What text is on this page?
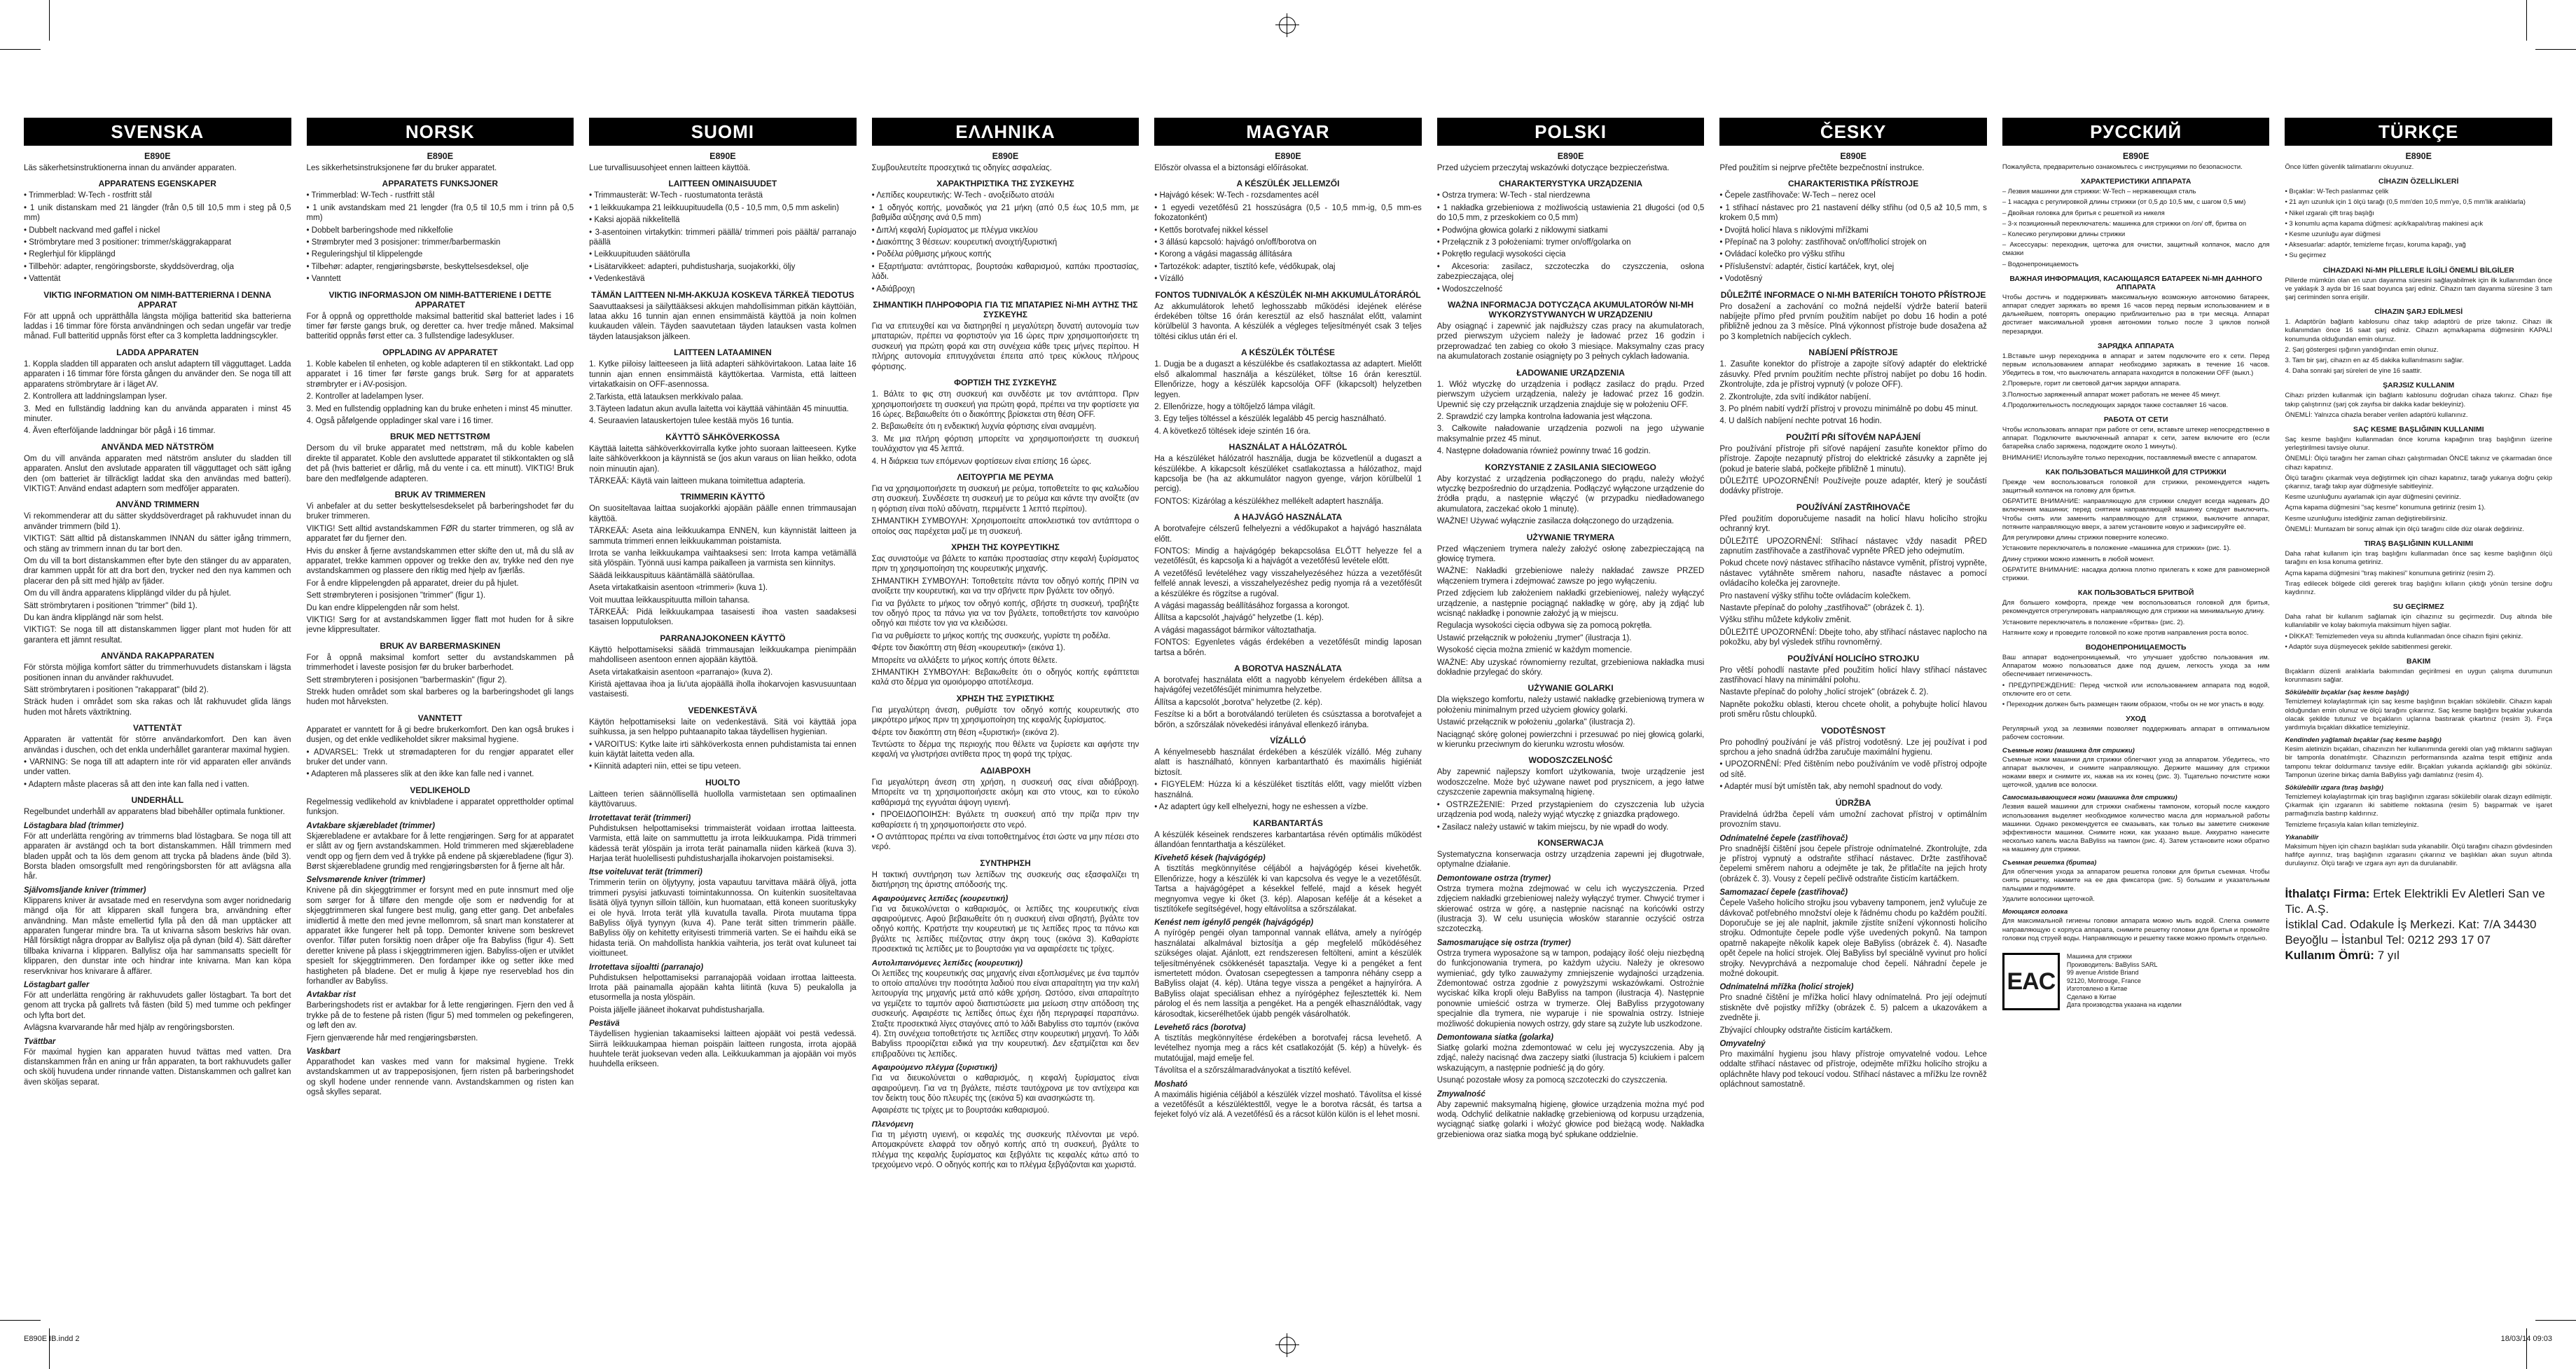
SVENSKA
E890E
Läs säkerhetsinstruktionerna innan du använder apparaten.
APPARATENS EGENSKAPER
• Trimmerblad: W-Tech - rostfritt stål
• 1 unik distanskam med 21 längder (från 0,5 till 10,5 mm i steg på 0,5 mm)
• Dubbelt nackvand med gaffel i nickel
• Strömbrytare med 3 positioner: trimmer/skäggrakapparat
• Reglerhjul för klipplängd
• Tillbehör: adapter, rengöringsborste, skyddsöverdrag, olja
• Vattentät
VIKTIG INFORMATION OM NIMH-BATTERIERNA I DENNA APPARAT
För att uppnå och upprätthålla längsta möjliga batteritid ska batterierna laddas i 16 timmar före första användningen och sedan ungefär var tredje månad. Full batteritid uppnås först efter ca 3 kompletta laddningscykler.
LADDA APPARATEN
1. Koppla sladden till apparaten och anslut adaptern till vägguttaget. Ladda apparaten i 16 timmar före första gången du använder den. Se noga till att apparatens strömbrytare är i läget AV.
2. Kontrollera att laddningslampan lyser.
3. Med en fullständig laddning kan du använda apparaten i minst 45 minuter.
4. Även efterföljande laddningar bör pågå i 16 timmar.
ANVÄNDA MED NÄTSTRÖM
Om du vill använda apparaten med nätström ansluter du sladden till apparaten. Anslut den avslutade apparaten till vägguttaget och sätt igång den (om batteriet är tillräckligt laddat ska den användas med batteri). VIKTIGT: Använd endast adaptern som medföljer apparaten.
ANVÄND TRIMMERN
Vi rekommenderar att du sätter skyddsöverdraget på rakhuvudet innan du använder trimmern (bild 1).
VIKTIGT: Sätt alltid på distanskammen INNAN du sätter igång trimmern, och stäng av trimmern innan du tar bort den.
Om du vill ta bort distanskammen efter byte den stänger du av apparaten, drar kammen uppåt för att dra bort den, trycker ned den nya kammen och placerar den på sitt med hjälp av fjäder.
Om du vill ändra apparatens klipplängd vilder du på hjulet.
Sätt strömbrytaren i positionen "trimmer" (bild 1).
Du kan ändra klipplängd när som helst.
VIKTIGT: Se noga till att distanskammen ligger plant mot huden för att garantera ett jämnt resultat.
ANVÄNDA RAKAPPARATEN
För största möjliga komfort sätter du trimmerhuvudets distanskam i lägsta positionen innan du använder rakhuvudet.
Sätt strömbrytaren i positionen "rakapparat" (bild 2).
Sträck huden i området som ska rakas och låt rakhuvudet glida längs huden mot hårets växtriktning.
VATTENTÄT
Apparaten är vattentät för större användarkomfort. Den kan även användas i duschen, och det enkla underhållet garanterar maximal hygien.
• VARNING: Se noga till att adaptern inte rör vid apparaten eller används under vatten.
• Adaptern måste placeras så att den inte kan falla ned i vatten.
UNDERHÅLL
Regelbundet underhåll av apparatens blad bibehåller optimala funktioner.
Löstagbara blad (trimmer)
För att underlätta rengöring av trimmerns blad löstagbara. Se noga till att apparaten är avstängd och ta bort distanskammen. Håll trimmern med bladen uppåt och ta lös dem genom att trycka på bladens ände (bild 3). Borsta bladen omsorgsfullt med rengöringsborsten för att avlägsna alla hår.
Självomsljande kniver (trimmer)
Klipparens kniver är avsatade med en reservdyna som avger noridnedarig mängd olja för att klipparen skall fungera bra, användning efter användning. Man måste emellertid fylla på den då man upptäcker att apparaten fungerar mindre bra. Ta ut knivarna såsom beskrivs här ovan. Håll försiktigt några droppar av Ballylisz olja på dynan (bild 4). Sätt därefter tillbaka knivarna i klipparen. Ballylisz olja har sammansatts speciellt för klipparen, den dunstar inte och hindrar inte knivarna. Man kan köpa reservknivar hos knivarare å affärer.
Löstagbart galler
För att underlätta rengöring är rakhuvudets galler löstagbart. Ta bort det genom att trycka på gallrets två fästen (bild 5) med tumme och pekfinger och lyfta bort det.
Avlägsna kvarvarande hår med hjälp av rengöringsborsten.
Tvättbar
För maximal hygien kan apparaten huvud tvättas med vatten. Dra distanskammen från en aning ur från apparaten, ta bort rakhuvudets galler och skölj huvudena under rinnande vatten. Distanskammen och gallret kan även sköljas separat.
NORSK
E890E
Les sikkerhetsinstruksjonene før du bruker apparatet.
APPARATETS FUNKSJONER
• Trimmerblad: W-Tech - rustfritt stål
• 1 unik avstandskam med 21 lengder (fra 0,5 til 10,5 mm i trinn på 0,5 mm)
• Dobbelt barberingshode med nikkelfolie
• Strømbryter med 3 posisjoner: trimmer/barbermaskin
• Reguleringshjul til klippelengde
• Tilbehør: adapter, rengjøringsbørste, beskyttelsesdeksel, olje
• Vanntett
VIKTIG INFORMASJON OM NIMH-BATTERIENE I DETTE APPARATET
For å oppnå og opprettholde maksimal batteritid skal batteriet lades i 16 timer før første gangs bruk, og deretter ca. hver tredje måned. Maksimal batteritid oppnås først etter ca. 3 fullstendige ladesykluser.
OPPLADING AV APPARATET
1. Koble kabelen til enheten, og koble adapteren til en stikkontakt. Lad opp apparatet i 16 timer før første gangs bruk. Sørg for at apparatets strømbryter er i AV-posisjon.
2. Kontroller at ladelampen lyser.
3. Med en fullstendig oppladning kan du bruke enheten i minst 45 minutter.
4. Også påfølgende oppladinger skal vare i 16 timer.
BRUK MED NETTSTRØM
Dersom du vil bruke apparatet med nettstrøm, må du koble kabelen direkte til apparatet. Koble den avsluttede apparatet til stikkontakten og slå det på (hvis batteriet er dårlig, må du vente i ca. ett minutt). VIKTIG! Bruk bare den medfølgende adapteren.
BRUK AV TRIMMEREN
Vi anbefaler at du setter beskyttelsesdekselet på barberingshodet før du bruker trimmeren.
VIKTIG! Sett alltid avstandskammen FØR du starter trimmeren, og slå av apparatet før du fjerner den.
Hvis du ønsker å fjerne avstandskammen etter skifte den ut, må du slå av apparatet, trekke kammen oppover og trekke den av, trykke ned den nye avstandskammen og plassere den riktig med hjelp av fjærlås.
For å endre klippelengden på apparatet, dreier du på hjulet.
Sett strømbryteren i posisjonen "trimmer" (figur 1).
Du kan endre klippelengden når som helst.
VIKTIG! Sørg for at avstandskammen ligger flatt mot huden for å sikre jevne klippresultater.
BRUK AV BARBERMASKINEN
For å oppnå maksimal komfort setter du avstandskammen på trimmerhodet i laveste posisjon før du bruker barberhodet.
Sett strømbryteren i posisjonen "barbermaskin" (figur 2).
Strekk huden området som skal barberes og la barberingshodet gli langs huden mot hårveksten.
VANNTETT
Apparatet er vanntett for å gi bedre brukerkomfort. Den kan også brukes i dusjen, og det enkle vedlikeholdet sikrer maksimal hygiene.
• ADVARSEL: Trekk ut strømadapteren for du rengjør apparatet eller bruker det under vann.
• Adapteren må plasseres slik at den ikke kan falle ned i vannet.
VEDLIKEHOLD
Regelmessig vedlikehold av knivbladene i apparatet opprettholder optimal funksjon.
Avtakbare skjærebladet (trimmer)
Skjærebladene er avtakbare for å lette rengjøringen. Sørg for at apparatet er slått av og fjern avstandskammen. Hold trimmeren med skjærebladene vendt opp og fjern dem ved å trykke på endene på skjærebladene (figur 3). Børst skjærebladene grundig med rengjøringsbørsten for å fjerne alt hår.
Selvsmørende kniver (trimmer)
Knivene på din skjeggtrimmer er forsynt med en pute innsmurt med olje som sørger for å tilføre den mengde olje som er nødvendig for at skjeggtrimmeren skal fungere best mulig, gang etter gang. Det anbefales imidlertid å mette den med jevne mellomrom, så snart man konstaterer at apparatet ikke fungerer helt på topp. Demonter knivene som beskrevet ovenfor. Tilfør puten forsiktig noen dråper olje fra Babyliss (figur 4). Sett deretter knivene på plass i skjeggtrimmeren igjen. Babyliss-oljen er utviklet spesielt for skjeggtrimmeren. Den fordamper ikke og setter ikke med hastigheten på bladene. Det er mulig å kjøpe nye reserveblad hos din forhandler av Babyliss.
Avtakbar rist
Barberingshodets rist er avtakbar for å lette rengjøringen. Fjern den ved å trykke på de to festene på risten (figur 5) med tommelen og pekefingeren, og løft den av.
Fjern gjenværende hår med rengjøringsbørsten.
Vaskbart
Apparathodet kan vaskes med vann for maksimal hygiene. Trekk avstandskammen ut av trappeposisjonen, fjern risten på barberingshodet og skyll hodene under rennende vann. Avstandskammen og risten kan også skylles separat.
SUOMI
E890E
Lue turvallisuusohjeet ennen laitteen käyttöä.
LAITTEEN OMINAISUUDET
• Trimmausterät: W-Tech - ruostumatonta terästä
• 1 leikkuukampa 21 leikkuupituudella (0,5 - 10,5 mm, 0,5 mm askelin)
• Kaksi ajopää nikkelitellä
• 3-asentoinen virtakytkin: trimmeri päällä/ trimmeri pois päältä/ parranajo päällä
• Leikkuupituuden säätörulla
• Lisätarvikkeet: adapteri, puhdistusharja, suojakorkki, öljy
• Vedenkestävä
TÄMÄN LAITTEEN NI-MH-AKKUJA KOSKEVA TÄRKEÄ TIEDOTUS
Saavuttaaksesi ja säilyttääksesi akkujen mahdollisimman pitkän käyttöiän, lataa akku 16 tunnin ajan ennen ensimmäistä käyttöä ja noin kolmen kuukauden välein. Täyden saavutetaan täyden latauksen vasta kolmen täyden latausjakson jälkeen.
LAITTEEN LATAAMINEN
1. Kytke piiloisy laitteeseen ja liitä adapteri sähkövirtakoon. Lataa laite 16 tunnin ajan ennen ensimmäistä käyttökertaa. Varmista, että laitteen virtakatkaisin on OFF-asennossa.
2.Tarkista, että latauksen merkkivalo palaa.
3.Täyteen ladatun akun avulla laitetta voi käyttää vähintään 45 minuuttia.
4. Seuraavien latauskertojen tulee kestää myös 16 tuntia.
KÄYTTÖ SÄHKÖVERKOSSA
Käyttää laitetta sähköverkkovirralla kytke johto suoraan laitteeseen. Kytke laite sähköverkkoon ja käynnistä se (jos akun varaus on liian heikko, odota noin minuutin ajan).
TÄRKEÄÄ: Käytä vain laitteen mukana toimitettua adapteria.
TRIMMERIN KÄYTTÖ
On suositeltavaa laittaa suojakorkki ajopään päälle ennen trimmausajan käyttöä.
TÄRKEÄÄ: Aseta aina leikkuukampa ENNEN, kun käynnistät laitteen ja sammuta trimmeri ennen leikkuukamman poistamista.
Irrota se vanha leikkuukampa vaihtaaksesi sen: Irrota kampa vetämällä sitä ylöspäin. Työnnä uusi kampa paikalleen ja varmista sen kiinnitys.
Säädä leikkauspituus kääntämällä säätörullaa.
Aseta virtakatkaisin asentoon «trimmeri» (kuva 1).
Voit muuttaa leikkauspituutta milloin tahansa.
TÄRKEÄÄ: Pidä leikkuukampaa tasaisesti ihoa vasten saadaksesi tasaisen lopputuloksen.
PARRANAJOKONEEN KÄYTTÖ
Käyttö helpottamiseksi säädä trimmausajan leikkuukampa pienimpään mahdolliseen asentoon ennen ajopään käyttöä.
Aseta virtakatkaisin asentoon «parranajo» (kuva 2).
Kiristä ajettavaa ihoa ja liu'uta ajopäällä iholla ihokarvojen kasvusuuntaan vastaisesti.
VEDENKESTÄVÄ
Käytön helpottamiseksi laite on vedenkestävä. Sitä voi käyttää jopa suihkussa, ja sen helppo puhtaanapito takaa täydellisen hygienian.
• VAROITUS: Kytke laite irti sähköverkosta ennen puhdistamista tai ennen kuin käytät laitetta veden alla.
• Kiinnitä adapteri niin, ettei se tipu veteen.
HUOLTO
Laitteen terien säännöllisellä huollolla varmistetaan sen optimaalinen käyttövaruus.
Irrotettavat terät (trimmeri)
Puhdistuksen helpottamiseksi trimmaisterät voidaan irrottaa laitteesta. Varmista, että laite on sammuttettu ja irrota leikkuukampa. Pidä trimmeri kädessä terät ylöspäin ja irrota terät painamalla niiden kärkeä (kuva 3). Harjaa terät huolellisesti puhdistusharjalla ihokarvojen poistamiseksi.
Itse voiteluvat terät (trimmeri)
Trimmerin teriin on öljytyyny, josta vapautuu tarvittava määrä öljyä, jotta trimmeri pysyisi jatkuvasti toimintakunnossa. On kuitenkin suositeltavaa lisätä öljyä tyynyn silloin tällöin, kun huomataan, että koneen suorituskyky ei ole hyvä. Irrota terät yllä kuvatulla tavalla. Pirota muutama tippa BaByliss öljyä tyynyyn (kuva 4). Pane terät sitten trimmerin päälle. BaByliss öljy on kehitetty erityisesti trimmeriä varten. Se ei haihdu eikä se hidasta teriä. On mahdollista hankkia vaihteria, jos terät ovat kuluneet tai vioittuneet.
Irrotettava sijoaltti (parranajo)
Puhdistuksen helpottamiseksi parranajopää voidaan irrottaa laitteesta. Irrota pää painamalla ajopään kahta liitintä (kuva 5) peukalolla ja etusormella ja nosta ylöspäin.
Poista jäljelle jääneet ihokarvat puhdistusharjalla.
Pestävä
Täydellisen hygienian takaamiseksi laitteen ajopäät voi pestä vedessä. Siirrä leikkuukampaa hieman poispäin laitteen rungosta, irrota ajopää huuhtele terät juoksevan veden alla. Leikkuukamman ja ajopään voi myös huuhdella erikseen.
ΕΛΛΗΝΙΚΑ
E890E
Συμβουλευτείτε προσεχτικά τις οδηγίες ασφαλείας.
ΧΑΡΑΚΤΗΡΙΣΤΙΚΑ ΤΗΣ ΣΥΣΚΕΥΗΣ
• Λεπίδες κουρευτικής: W-Tech - ανοξείδωτο ατσάλι
• 1 οδηγός κοπής, μοναδικός για 21 μήκη (από 0,5 έως 10,5 mm, με βαθμίδα αύξησης ανά 0,5 mm)
• Διπλή κεφαλή ξυρίσματος με πλέγμα νικελίου
• Διακόπτης 3 θέσεων: κουρευτική ανοιχτή/ξυριστική
• Ροδέλα ρύθμισης μήκους κοπής
• Εξαρτήματα: αντάπτορας, βουρτσάκι καθαρισμού, καπάκι προστασίας, λάδι.
• Αδιάβροχη
ΣΗΜΑΝΤΙΚΗ ΠΛΗΡΟΦΟΡΙΑ ΓΙΑ ΤΙΣ ΜΠΑΤΑΡΙΕΣ Ni-MH ΑΥΤΗΣ ΤΗΣ ΣΥΣΚΕΥΗΣ
Για να επιτευχθεί και να διατηρηθεί η μεγαλύτερη δυνατή αυτονομία των μπαταριών, πρέπει να φορτιστούν για 16 ώρες πριν χρησιμοποιήσετε τη συσκευή για πρώτη φορά και στη συνέχεια κάθε τρεις μήνες περίπου. Η πλήρης αυτονομία επιτυγχάνεται έπειτα από τρεις κύκλους πλήρους φόρτισης.
ΦΟΡΤΙΣΗ ΤΗΣ ΣΥΣΚΕΥΗΣ
1. Βάλτε το φις στη συσκευή και συνδέστε με τον αντάπτορα. Πριν χρησιμοποιήσετε τη συσκευή για πρώτη φορά, πρέπει να την φορτίσετε για 16 ώρες. Βεβαιωθείτε ότι ο διακόπτης βρίσκεται στη θέση OFF.
2. Βεβαιωθείτε ότι η ενδεικτική λυχνία φόρτισης είναι αναμμένη.
3. Με μια πλήρη φόρτιση μπορείτε να χρησιμοποιήσετε τη συσκευή τουλάχιστον για 45 λεπτά.
4. Η διάρκεια των επόμενων φορτίσεων είναι επίσης 16 ώρες.
ΛΕΙΤΟΥΡΓΙΑ ΜΕ ΡΕΥΜΑ
Για να χρησιμοποιήσετε τη συσκευή με ρεύμα, τοποθετείτε το φις καλωδίου στη συσκευή. Συνδέσετε τη συσκευή με το ρεύμα και κάντε την ανοίξτε (αν η φόρτιση είναι πολύ αδύνατη, περιμένετε 1 λεπτό περίπου).
ΣΗΜΑΝΤΙΚΗ ΣΥΜΒΟΥΛΗ: Χρησιμοποιείτε αποκλειστικά τον αντάπτορα ο οποίος σας παρέχεται μαζί με τη συσκευή.
ΧΡΗΣΗ ΤΗΣ ΚΟΥΡΕΥΤΙΚΗΣ
Σας συνιστούμε να βάλετε το καπάκι προστασίας στην κεφαλή ξυρίσματος πριν τη χρησιμοποίηση της κουρευτικής μηχανής.
ΣΗΜΑΝΤΙΚΗ ΣΥΜΒΟΥΛΗ: Τοποθετείτε πάντα τον οδηγό κοπής ΠΡΙΝ να ανοίξετε την κουρευτική, και να την σβήνετε πριν βγάλετε τον οδηγό.
Για να βγάλετε το μήκος τον οδηγό κοπής, σβήστε τη συσκευή, τραβήξτε τον οδηγό προς τα πάνω για να τον βγάλετε, τοποθετήστε τον καινούριο οδηγό και πιέστε τον για να κλειδώσει.
Για να ρυθμίσετε το μήκος κοπής της συσκευής, γυρίστε τη ροδέλα.
Φέρτε τον διακόπτη στη θέση «κουρευτική» (εικόνα 1).
Μπορείτε να αλλάξετε το μήκος κοπής όποτε θέλετε.
ΣΗΜΑΝΤΙΚΗ ΣΥΜΒΟΥΛΗ: Βεβαιωθείτε ότι ο οδηγός κοπής εφάπτεται καλά στο δέρμα για ομοιόμορφο αποτέλεσμα.
ΧΡΗΣΗ ΤΗΣ ΞΥΡΙΣΤΙΚΗΣ
Για μεγαλύτερη άνεση, ρυθμίστε τον οδηγό κοπής κουρευτικής στο μικρότερο μήκος πριν τη χρησιμοποίηση της κεφαλής ξυρίσματος.
Φέρτε τον διακόπτη στη θέση «ξυριστική» (εικόνα 2).
Τεντώστε το δέρμα της περιοχής που θέλετε να ξυρίσετε και αφήστε την κεφαλή να γλιστρήσει αντίθετα προς τη φορά της τρίχας.
ΑΔΙΑΒΡΟΧΗ
Για μεγαλύτερη άνεση στη χρήση, η συσκευή σας είναι αδιάβροχη. Μπορείτε να τη χρησιμοποιήσετε ακόμη και στο ντους, και το εύκολο καθάρισμά της εγγυάται άψογη υγιεινή.
• ΠΡΟΕΙΔΟΠΟΙΗΣΗ: Βγάλετε τη συσκευή από την πρίζα πριν την καθαρίσετε ή τη χρησιμοποιήσετε στο νερό.
• Ο αντάπτορας πρέπει να είναι τοποθετημένος έτσι ώστε να μην πέσει στο νερό.
ΣΥΝΤΗΡΗΣΗ
Η τακτική συντήρηση των λεπίδων της συσκευής σας εξασφαλίζει τη διατήρηση της άριστης απόδοσής της.
Αφαιρούμενες λεπίδες (κουρευτική)
Για να διευκολύνεται ο καθαρισμός, οι λεπίδες της κουρευτικής είναι αφαιρούμενες. Αφού βεβαιωθείτε ότι η συσκευή είναι σβηστή, βγάλτε τον οδηγό κοπής. Κρατήστε την κουρευτική με τις λεπίδες προς τα πάνω και βγάλτε τις λεπίδες πιέζοντας στην άκρη τους (εικόνα 3). Καθαρίστε προσεκτικά τις λεπίδες με το βουρτσάκι για να αφαιρέσετε τις τρίχες.
Αυτολιπαινόμενες λεπίδες (κουρευτική)
Οι λεπίδες της κουρευτικής σας μηχανής είναι εξοπλισμένες με ένα ταμπόν το οποίο απαλύνει την ποσότητα λαδιού που είναι απαραίτητη για την καλή λειτουργία της μηχανής μετά από κάθε χρήση. Ωστόσο, είναι απαραίτητο να γεμίζετε το ταμπόν αφού διαπιστώσετε μια μείωση στην απόδοση της συσκευής. Αφαιρέστε τις λεπίδες όπως έχει ήδη περιγραφεί παραπάνω. Σταξτε προσεκτικά λίγες σταγόνες από το λάδι Babyliss στο ταμπόν (εικόνα 4). Στη συνέχεια τοποθετήστε τις λεπίδες στην κουρευτική μηχανή. Το λάδι Babyliss προορίζεται ειδικά για την κουρευτική. Δεν εξατμίζεται και δεν επιβραδύνει τις λεπίδες.
Αφαιρούμενο πλέγμα (ξυριστική)
Για να διευκολύνεται ο καθαρισμός, η κεφαλή ξυρίσματος είναι αφαιρούμενη. Για να τη βγάλετε, πιέστε ταυτόχρονα με τον αντίχειρα και τον δείκτη τους δύο πλευρές της (εικόνα 5) και ανασηκώστε τη.
Αφαιρέστε τις τρίχες με το βουρτσάκι καθαρισμού.
Πλενόμενη
Για τη μέγιστη υγιεινή, οι κεφαλές της συσκευής πλένονται με νερό. Απομακρύνετε ελαφρά τον οδηγό κοπής από τη συσκευή, βγάλτε το πλέγμα της κεφαλής ξυρίσματος και ξεβγάλτε τις κεφαλές κάτω από το τρεχούμενο νερό. Ο οδηγός κοπής και το πλέγμα ξεβγάζονται και χωριστά.
MAGYAR
E890E
Először olvassa el a biztonsági előírásokat.
A KÉSZÜLÉK JELLEMZŐI
• Hajvágó kések: W-Tech - rozsdamentes acél
• 1 egyedi vezetőfésű 21 hosszúságra (0,5 - 10,5 mm-ig, 0,5 mm-es fokozatonként)
• Kettős borotvafej nikkel késsel
• 3 állású kapcsoló: hajvágó on/off/borotva on
• Korong a vágási magasság állítására
• Tartozékok: adapter, tisztító kefe, védőkupak, olaj
• Vízálló
FONTOS TUDNIVALÓK A KÉSZÜLÉK NI-MH AKKUMULÁTORÁRÓL
Az akkumulátorok lehető leghosszabb működési idejének elérése érdekében töltse 16 órán keresztül az első használat előtt, valamint körülbelül 3 havonta. A készülék a végleges teljesítményét csak 3 teljes töltési ciklus után éri el.
A KÉSZÜLÉK TÖLTÉSE
1. Dugja be a dugaszt a készülékbe és csatlakoztassa az adaptert. Mielőtt első alkalommal használja a készüléket, töltse 16 órán keresztül. Ellenőrizze, hogy a készülék kapcsolója OFF (kikapcsolt) helyzetben legyen.
2. Ellenőrizze, hogy a töltőjelző lámpa világít.
3. Egy teljes töltéssel a készülék legalább 45 percig használható.
4. A következő töltések ideje szintén 16 óra.
HASZNÁLAT A HÁLÓZATRÓL
Ha a készüléket hálózatról használja, dugja be közvetlenül a dugaszt a készülékbe. A kikapcsolt készüléket csatlakoztassa a hálózathoz, majd kapcsolja be (ha az akkumulátor nagyon gyenge, várjon körülbelül 1 percig).
FONTOS: Kizárólag a készülékhez mellékelt adaptert használja.
A HAJVÁGÓ HASZNÁLATA
A borotvafejre célszerű felhelyezni a védőkupakot a hajvágó használata előtt.
FONTOS: Mindig a hajvágógép bekapcsolása ELŐTT helyezze fel a vezetőfésűt, és kapcsolja ki a hajvágót a vezetőfésű levétele előtt.
A vezetőfésű levételéhez vagy visszahelyezéséhez húzza a vezetőfésűt felfelé annak leveszi, a visszahelyezéshez pedig nyomja rá a vezetőfésűt a készülékre és rögzítse a rugóval.
A vágási magasság beállításához forgassa a korongot.
Állítsa a kapcsolót „hajvágó" helyzetbe (1. kép).
A vágási magasságot bármikor változtathatja.
FONTOS: Egyenletes vágás érdekében a vezetőfésűt mindig laposan tartsa a bőrén.
A BOROTVA HASZNÁLATA
A borotvafej használata előtt a nagyobb kényelem érdekében állítsa a hajvágófej vezetőfésűjét minimumra helyzetbe.
Állítsa a kapcsolót „borotva" helyzetbe (2. kép).
Feszítse ki a bőrt a borotválandó területen és csúsztassa a borotvafejet a bőrön, a szőrszálak növekedési irányával ellenkező irányba.
VÍZÁLLÓ
A kényelmesebb használat érdekében a készülék vízálló. Még zuhany alatt is használható, könnyen karbantartható és maximális higiéniát biztosít.
• FIGYELEM: Húzza ki a készüléket tisztítás előtt, vagy mielőtt vízben használná.
• Az adaptert úgy kell elhelyezni, hogy ne eshessen a vízbe.
KARBANTARTÁS
A készülék késeinek rendszeres karbantartása révén optimális működést állandóan fenntarthatja a készüléket.
Kivehető kések (hajvágógép)
A tisztítás megkönnyítése céljából a hajvágógép kései kivehetők. Ellenőrizze, hogy a készülék ki van kapcsolva és vegye le a vezetőfésűt. Tartsa a hajvágógépet a késekkel felfelé, majd a kések hegyét megnyomva vegye ki őket (3. kép). Alaposan kefélje át a késeket a tisztítókefe segítségével, hogy eltávolítsa a szőrszálakat.
Kenést nem igénylő pengék (hajvágógép)
A nyírógép pengéi olyan tamponnal vannak ellátva, amely a nyírógép használatai alkalmával biztosítja a gép megfelelő működéséhez szükséges olajat. Ajánlott, ezt rendszeresen feltölteni, amint a készülék teljesítményének csökkenését tapasztalja. Vegye ki a pengéket a fent ismertetett módon. Óvatosan csepegtessen a tamponra néhány csepp a BaByliss olajat (4. kép). Utána tegye vissza a pengéket a hajnyíróra. A BaByliss olajat speciálisan ehhez a nyírógéphez fejlesztették ki. Nem párolog el és nem lassítja a pengéket. Ha a pengék elhasználódtak, vagy károsodtak, kicserélhetőek újabb pengék vásárolhatók.
Levehető rács (borotva)
A tisztítás megkönnyítése érdekében a borotvafej rácsa levehető. A levételhez nyomja meg a rács két csatlakozóját (5. kép) a hüvelyk- és mutatóujjal, majd emelje fel.
Távolítsa el a szőrszálmaradványokat a tisztító kefével.
Mosható
A maximális higiénia céljából a készülék vízzel mosható. Távolítsa el kissé a vezetőfésűt a készüléktesttől, vegye le a borotva rácsát, és tartsa a fejeket folyó víz alá. A vezetőfésű és a rácsot külön külön is el lehet mosni.
POLSKI
E890E
Przed użyciem przeczytaj wskazówki dotyczące bezpieczeństwa.
CHARAKTERYSTYKA URZĄDZENIA
• Ostrza trymera: W-Tech - stal nierdzewna
• 1 nakładka grzebieniowa z możliwością ustawienia 21 długości (od 0,5 do 10,5 mm, z przeskokiem co 0,5 mm)
• Podwójna głowica golarki z niklowymi siatkami
• Przełącznik z 3 położeniami: trymer on/off/golarka on
• Pokrętło regulacji wysokości cięcia
• Akcesoria: zasilacz, szczoteczka do czyszczenia, osłona zabezpieczająca, olej
• Wodoszczelność
WAŻNA INFORMACJA DOTYCZĄCA AKUMULATORÓW NI-MH WYKORZYSTYWANYCH W URZĄDZENIU
Aby osiągnąć i zapewnić jak najdłuższy czas pracy na akumulatorach, przed pierwszym użyciem należy je ładować przez 16 godzin i przeprowadzać ten zabieg co około 3 miesiące. Maksymalny czas pracy na akumulatorach zostanie osiągnięty po 3 pełnych cyklach ładowania.
ŁADOWANIE URZĄDZENIA
1. Włóż wtyczkę do urządzenia i podłącz zasilacz do prądu. Przed pierwszym użyciem urządzenia, należy je ładować przez 16 godzin. Upewnić się czy przełącznik urządzenia znajduje się w położeniu OFF.
2. Sprawdzić czy lampka kontrolna ładowania jest włączona.
3. Całkowite naładowanie urządzenia pozwoli na jego używanie maksymalnie przez 45 minut.
4. Następne doładowania również powinny trwać 16 godzin.
KORZYSTANIE Z ZASILANIA SIECIOWEGO
Aby korzystać z urządzenia podłączonego do prądu, należy włożyć wtyczkę bezpośrednio do urządzenia. Podłączyć wyłączone urządzenie do źródła prądu, a następnie włączyć (w przypadku niedładowanego akumulatora, zaczekać około 1 minutę).
WAŻNE! Używać wyłącznie zasilacza dołączonego do urządzenia.
UŻYWANIE TRYMERA
Przed włączeniem trymera należy założyć osłonę zabezpieczającą na głowicę trymera.
WAŻNE: Nakładki grzebieniowe należy nakładać zawsze PRZED włączeniem trymera i zdejmować zawsze po jego wyłączeniu.
Przed zdjęciem lub założeniem nakładki grzebieniowej, należy wyłączyć urządzenie, a następnie pociągnąć nakładkę w górę, aby ją zdjąć lub wcisnąć nakładkę i ponownie założyć ją w miejscu.
Regulacja wysokości cięcia odbywa się za pomocą pokrętła.
Ustawić przełącznik w położeniu „trymer" (ilustracja 1).
Wysokość cięcia można zmienić w każdym momencie.
WAŻNE: Aby uzyskać równomierny rezultat, grzebieniowa nakładka musi dokładnie przylegać do skóry.
UŻYWANIE GOLARKI
Dla większego komfortu, należy ustawić nakładkę grzebieniową trymera w położeniu minimalnym przed użyciem głowicy golarki.
Ustawić przełącznik w położeniu „golarka" (ilustracja 2).
Naciągnąć skórę golonej powierzchni i przesuwać po niej głowicą golarki, w kierunku przeciwnym do kierunku wzrostu włosów.
WODOSZCZELNOŚĆ
Aby zapewnić najlepszy komfort użytkowania, twoje urządzenie jest wodoszczelne. Może być używane nawet pod prysznicem, a jego łatwe czyszczenie zapewnia maksymalną higienę.
• OSTRZEŻENIE: Przed przystąpieniem do czyszczenia lub użycia urządzenia pod wodą, należy wyjąć wtyczkę z gniazdka prądowego.
• Zasilacz należy ustawić w takim miejscu, by nie wpadł do wody.
KONSERWACJA
Systematyczna konserwacja ostrzy urządzenia zapewni jej długotrwałe, optymalne działanie.
Demontowane ostrza (trymer)
Ostrza trymera można zdejmować w celu ich wyczyszczenia. Przed zdjęciem nakładki grzebieniowej należy wyłączyć trymer. Chwycić trymer i skierować ostrza w górę, a następnie nacisnąć na końcówki ostrzy (ilustracja 3). W celu usunięcia włosków starannie oczyścić ostrza szczoteczką.
Samosmarujące się ostrza (trymer)
Ostrza trymera wyposażone są w tampon, podający ilość oleju niezbędną do funkcjonowania trymera, po każdym użyciu. Należy je okresowo wymieniać, gdy tylko zauważymy zmniejszenie wydajności urządzenia. Zdemontować ostrza zgodnie z powyższymi wskazówkami. Ostrożnie wyciskać kilka kropli oleju BaByliss na tampon (ilustracja 4). Następnie ponownie umieścić ostrza w trymerze. Olej BaByliss przygotowany specjalnie dla trymera, nie wyparuje i nie spowalnia ostrzy. Istnieje możliwość dokupienia nowych ostrzy, gdy stare są zużyte lub uszkodzone.
Demontowana siatka (golarka)
Siatkę golarki można zdemontować w celu jej wyczyszczenia. Aby ją zdjąć, należy nacisnąć dwa zaczepy siatki (ilustracja 5) kciukiem i palcem wskazującym, a następnie podnieść ją do góry.
Usunąć pozostałe włosy za pomocą szczoteczki do czyszczenia.
Zmywalność
Aby zapewnić maksymalną higienę, głowice urządzenia można myć pod wodą. Odchylić delikatnie nakładkę grzebieniową od korpusu urządzenia, wyciągnąć siatkę golarki i włożyć głowice pod bieżącą wodę. Nakładka grzebieniowa oraz siatka mogą być spłukane oddzielnie.
ČESKY
E890E
Před použitím si nejprve přečtěte bezpečnostní instrukce.
CHARAKTERISTIKA PŘÍSTROJE
• Čepele zastřihovače: W-Tech – nerez ocel
• 1 střihací nástavec pro 21 nastavení délky střihu (od 0,5 až 10,5 mm, s krokem 0,5 mm)
• Dvojitá holicí hlava s niklovými mřížkami
• Přepínač na 3 polohy: zastřihovač on/off/holicí strojek on
• Ovládací kolečko pro výšku střihu
• Příslušenství: adaptér, čisticí kartáček, kryt, olej
• Vodotěsný
DŮLEŽITÉ INFORMACE O NI-MH BATERIÍCH TOHOTO PŘÍSTROJE
Pro dosažení a zachování co možná nejdelší výdrže baterií baterii nabíjejte přímo před prvním použitím nabíjet po dobu 16 hodin a poté přibližně jednou za 3 měsíce. Plná výkonnost přístroje bude dosažena až po 3 kompletních nabíjecích cyklech.
NABÍJENÍ PŘÍSTROJE
1. Zasuňte konektor do přístroje a zapojte síťový adaptér do elektrické zásuvky. Před prvním použitím nechte přístroj nabíjet po dobu 16 hodin. Zkontrolujte, zda je přístroj vypnutý (v poloze OFF).
2. Zkontrolujte, zda svítí indikátor nabíjení.
3. Po plném nabití vydrží přístroj v provozu minimálně po dobu 45 minut.
4. U dalších nabíjení nechte potrvat 16 hodin.
POUŽITÍ PŘI SÍŤOVÉM NAPÁJENÍ
Pro používání přístroje při síťové napájení zasuňte konektor přímo do přístroje. Zapojte nezapnutý přístroj do elektrické zásuvky a zapněte jej (pokud je baterie slabá, počkejte přibližně 1 minutu).
DŮLEŽITÉ UPOZORNĚNÍ! Používejte pouze adaptér, který je součástí dodávky přístroje.
POUŽÍVÁNÍ ZASTŘIHOVAČE
Před použitím doporučujeme nasadit na holicí hlavu holicího strojku ochranný kryt.
DŮLEŽITÉ UPOZORNĚNÍ: Střihací nástavec vždy nasadit PŘED zapnutím zastřihovače a zastřihovač vypněte PŘED jeho odejmutím.
Pokud chcete nový nástavec střihacího nástavce vyměnit, přístroj vypněte, nástavec vytáhněte směrem nahoru, nasaďte nástavec a pomocí ovládacího kolečka jej zarovnejte.
Pro nastavení výšky střihu točte ovládacím kolečkem.
Nastavte přepínač do polohy „zastřihovač" (obrázek č. 1).
Výšku střihu můžete kdykoliv změnit.
DŮLEŽITÉ UPOZORNĚNÍ: Dbejte toho, aby střihací nástavec naplocho na pokožku, aby byl výsledek střihu rovnoměrný.
POUŽÍVÁNÍ HOLICÍHO STROJKU
Pro větší pohodlí nastavte před použitím holicí hlavy střihací nástavec zastřihovací hlavy na minimální polohu.
Nastavte přepínač do polohy „holicí strojek" (obrázek č. 2).
Napněte pokožku oblasti, kterou chcete oholit, a pohybujte holicí hlavou proti směru růstu chloupků.
VODOTĚSNOST
Pro pohodlný používání je váš přístroj vodotěsný. Lze jej používat i pod sprchou a jeho snadná údržba zaručuje maximální hygienu.
• UPOZORNĚNÍ: Před čištěním nebo používáním ve vodě přístroj odpojte od sítě.
• Adaptér musí být umístěn tak, aby nemohl spadnout do vody.
ÚDRŽBA
Pravidelná údržba čepelí vám umožní zachovat přístroj v optimálním provozním stavu.
Odnímatelné čepele (zastřihovač)
Pro snadnější čištění jsou čepele přístroje odnímatelné. Zkontrolujte, zda je přístroj vypnutý a odstraňte střihací nástavec. Držte zastřihovač čepelemi směrem nahoru a odejměte je tak, že přitlačíte na jejich hroty (obrázek č. 3). Vousy z čepelí pečlivě odstraňte čisticím kartáčkem.
Samomazací čepele (zastřihovač)
Čepele Vašeho holicího strojku jsou vybaveny tamponem, jenž vylučuje ze dávkovač potřebného množství oleje k řádnému chodu po každém použití. Doporučuje se jej ale naplnit, jakmile zjistíte snížení výkonnosti holicího strojku. Odmontujte čepele podle výše uvedených pokynů. Na tampon opatrně nakapejte několik kapek oleje BaByliss (obrázek č. 4). Nasaďte opět čepele na holicí strojek. Olej BaByliss byl speciálně vyvinut pro holicí strojky. Nevyprchává a nezpomaluje chod čepelí. Náhradní čepele je možné dokoupit.
Odnímatelná mřížka (holicí strojek)
Pro snadné čištění je mřížka holicí hlavy odnímatelná. Pro její odejmutí stiskněte dvě pojistky mřížky (obrázek č. 5) palcem a ukazovákem a zvedněte ji.
Zbývající chloupky odstraňte čisticím kartáčkem.
Omyvatelný
Pro maximální hygienu jsou hlavy přístroje omyvatelné vodou. Lehce oddalte střihací nástavec od přístroje, odejměte mřížku holicího strojku a opláchněte hlavy pod tekoucí vodou. Střihací nástavec a mřížku lze rovněž opláchnout samostatně.
РУССКИЙ
E890E
Пожалуйста, предварительно ознакомьтесь с инструкциями по безопасности.
ХАРАКТЕРИСТИКИ АППАРАТА
– Лезвия машинки для стрижки: W-Tech – нержавеющая сталь
– 1 насадка с регулировкой длины стрижки (от 0,5 до 10,5 мм, с шагом 0,5 мм)
– Двойная головка для бритья с решеткой из никеля
– 3-х позиционный переключатель: машинка для стрижки on /on/ off, бритва on
– Колесико регулировки длины стрижки
– Аксессуары: переходник, щеточка для очистки, защитный колпачок, масло для смазки
– Водонепроницаемость
ВАЖНАЯ ИНФОРМАЦИЯ, КАСАЮЩАЯСЯ БАТАРЕЕК Ni-MH ДАННОГО АППАРАТА
Чтобы достичь и поддерживать максимальную возможную автономию батареек, аппарат следует заряжать во время 16 часов перед первым использованием и в дальнейшем, повторять операцию приблизительно раз в три месяца. Аппарат достигает максимальной уровня автономии только после 3 циклов полной перезарядки.
ЗАРЯДКА АППАРАТА
1.Вставьте шнур переходника в аппарат и затем подключите его к сети. Перед первым использованием аппарат необходимо заряжать в течение 16 часов. Убедитесь в том, что выключатель аппарата находится в положении OFF (выкл.)
2.Проверьте, горит ли световой датчик зарядки аппарата.
3.Полностью заряженный аппарат может работать не менее 45 минут.
4.Продолжительность последующих зарядок также составляет 16 часов.
РАБОТА ОТ СЕТИ
Чтобы использовать аппарат при работе от сети, вставьте штекер непосредственно в аппарат. Подключите выключенный аппарат к сети, затем включите его (если батарейка слабо заряжена, подождите около 1 минуты).
ВНИМАНИЕ! Используйте только переходник, поставляемый вместе с аппаратом.
КАК ПОЛЬЗОВАТЬСЯ МАШИНКОЙ ДЛЯ СТРИЖКИ
Прежде чем воспользоваться головкой для стрижки, рекомендуется надеть защитный колпачок на головку для бритья.
ОБРАТИТЕ ВНИМАНИЕ: направляющую для стрижки следует всегда надевать ДО включения машинки; перед снятием направляющей машинку следует выключить. Чтобы снять или заменить направляющую для стрижки, выключите аппарат, потяните направляющую вверх, а затем установите новую и зафиксируйте её.
Для регулировки длины стрижки поверните колесико.
Установите переключатель в положение «машинка для стрижки» (рис. 1).
Длину стрижки можно изменить в любой момент.
ОБРАТИТЕ ВНИМАНИЕ: насадка должна плотно прилегать к коже для равномерной стрижки.
КАК ПОЛЬЗОВАТЬСЯ БРИТВОЙ
Для большего комфорта, прежде чем воспользоваться головкой для бритья, рекомендуется отрегулировать направляющую для стрижки на минимальную длину.
Установите переключатель в положение «бритва» (рис. 2).
Натяните кожу и проведите головкой по коже против направления роста волос.
ВОДОНЕПРОНИЦАЕМОСТЬ
Ваш аппарат водонепроницаемый, что улучшает удобство пользования им. Аппаратом можно пользоваться даже под душем, легкость ухода за ним обеспечивает гигиеничность.
• ПРЕДУПРЕЖДЕНИЕ: Перед чисткой или использованием аппарата под водой, отключите его от сети.
• Переходник должен быть размещен таким образом, чтобы он не мог упасть в воду.
УХОД
Регулярный уход за лезвиями позволяет поддерживать аппарат в оптимальном рабочем состоянии.
Съемные ножи (машинка для стрижки)
Съемные ножи машинки для стрижки облегчают уход за аппаратом. Убедитесь, что аппарат выключен, и снимите направляющую. Держите машинку для стрижки ножами вверх и снимите их, нажав на их конец (рис. 3). Тщательно почистите ножи щеточкой, удалив все волоски.
Самосмазывающиеся ножи (машинка для стрижки)
Лезвия вашей машинки для стрижки снабжены тампоном, который после каждого использования выделяет необходимое количество масла для нормальной работы машинки. Однако рекомендуется ее смазывать, как только вы заметите снижение эффективности машинки. Снимите ножи, как указано выше. Аккуратно нанесите несколько капель масла BaByliss на тампон (рис. 4). Затем установите ножи обратно на машинку для стрижки.
Съемная решетка (бритва)
Для облегчения ухода за аппаратом решетка головки для бритья съемная. Чтобы снять решетку, нажмите на ее два фиксатора (рис. 5) большим и указательным пальцами и поднимите.
Удалите волосинки щеточкой.
Моющаяся головка
Для максимальной гигиены головки аппарата можно мыть водой. Слегка снимите направляющую с корпуса аппарата, снимите решетку головки для бритья и промойте головки под струей воды. Направляющую и решетку также можно промыть отдельно.
EAC
Машинка для стрижки
Производитель: BaByliss SARL
99 avenue Aristide Briand
92120, Montrouge, France
Изготовлено в Китае
Сделано в Китае
Дата производства указана на изделии
TÜRKÇE
E890E
Önce lütfen güvenlik talimatlarını okuyunuz.
CİHAZIN ÖZELLİKLERİ
• Bıçaklar: W-Tech paslanmaz çelik
• 21 ayrı uzunluk için 1 ölçü tarağı (0,5 mm'den 10,5 mm'ye, 0,5 mm'lik aralıklarla)
• Nikel ızgaralı çift tıraş başlığı
• 3 konumlu açma kapama düğmesi: açık/kapalı/tıraş makinesi açık
• Kesme uzunluğu ayar düğmesi
• Aksesuarlar: adaptör, temizleme fırçası, koruma kapağı, yağ
• Su geçirmez
CİHAZDAKİ Ni-MH PİLLERLE İLGİLİ ÖNEMLİ BİLGİLER
Pillerde mümkün olan en uzun dayanma süresini sağlayabilmek için ilk kullanımdan önce ve yaklaşık 3 ayda bir 16 saat boyunca şarj ediniz. Cihazın tam dayanma süresine 3 tam şarj ceriminden sonra erişilir.
CİHAZIN ŞARJ EDİLMESİ
1. Adaptörün bağlantı kablosunu cihaz takıp adaptörü de prize takınız. Cihazı ilk kullanımdan önce 16 saat şarj ediniz. Cihazın açma/kapama düğmesinin KAPALI konumunda olduğundan emin olunuz.
2. Şarj göstergesi ışığının yandığından emin olunuz.
3. Tam bir şarj, cihazın en az 45 dakika kullanılmasını sağlar.
4. Daha sonraki şarj süreleri de yine 16 saattir.
ŞARJSIZ KULLANIM
Cihazı prizden kullanmak için bağlantı kablosunu doğrudan cihaza takınız. Cihazı fişe takıp çalıştırınız (şarj çok zayıfsa bir dakika kadar bekleyiniz).
ÖNEMLİ: Yalnızca cihazla beraber verilen adaptörü kullanınız.
SAÇ KESME BAŞLIĞININ KULLANIMI
Saç kesme başlığını kullanmadan önce koruma kapağının tıraş başlığının üzerine yerleştirilmesi tavsiye olunur.
ÖNEMLİ: Ölçü tarağını her zaman cihazı çalıştırmadan ÖNCE takınız ve çıkarmadan önce cihazı kapatınız.
Ölçü tarağını çıkarmak veya değiştirmek için cihazı kapatınız, tarağı yukarıya doğru çekip çıkarınız, tarağı takıp ayar düğmesiyle sabitleyiniz.
Kesme uzunluğunu ayarlamak için ayar düğmesini çeviriniz.
Açma kapama düğmesini "saç kesme" konumuna getiriniz (resim 1).
Kesme uzunluğunu istediğiniz zaman değiştirebilirsiniz.
ÖNEMLİ: Muntazam bir sonuç almak için ölçü tarağını cilde düz olarak değdiriniz.
TIRAŞ BAŞLIĞININ KULLANIMI
Daha rahat kullanım için tıraş başlığını kullanmadan önce saç kesme başlığının ölçü tarağını en kısa konuma getiriniz.
Açma kapama düğmesini "tıraş makinesi" konumuna getiriniz (resim 2).
Tıraş edilecek bölgede cildi gererek tıraş başlığını kılların çıktığı yönün tersine doğru kaydırınız.
SU GEÇİRMEZ
Daha rahat bir kullanım sağlamak için cihazınız su geçirmezdir. Duş altında bile kullanılabilir ve kolay bakımıyla maksimum hijyen sağlar.
• DİKKAT: Temizlemeden veya su altında kullanmadan önce cihazın fişini çekiniz.
• Adaptör suya düşmeyecek şekilde sabitlenmesi gerekir.
BAKIM
Bıçakların düzenli aralıklarla bakımından geçirilmesi en uygun çalışma durumunun korunmasını sağlar.
Sökülebilir bıçaklar (saç kesme başlığı)
Temizlemeyi kolaylaştırmak için saç kesme başlığının bıçakları sökülebilir. Cihazın kapalı olduğundan emin olunuz ve ölçü tarağını çıkarınız. Saç kesme başlığını bıçaklar yukarıda olacak şekilde tutunuz ve bıçakların uçlarına bastırarak çıkartınız (resim 3). Fırça yardımıyla bıçakları dikkatlice temizleyiniz.
Kendinden yağlamalı bıçaklar (saç kesme başlığı)
Kesim aletinizin bıçakları, cihazınızın her kullanımında gerekli olan yağ miktarını sağlayan bir tamponla donatılmıştır. Cihazınızın performansında azalma tespit ettiğiniz anda tamponu tekrar doldurmanız tavsiye edilir. Bıçakları yukarıda açıklandığı gibi sökünüz. Tamponun üzerine birkaç damla BaByliss yağı damlatınız (resim 4).
Sökülebilir ızgara (tıraş başlığı)
Temizlemeyi kolaylaştırmak için tıraş başlığının ızgarası sökülebilir olarak dizayn edilmiştir. Çıkarmak için ızgaranın iki sabitleme noktasına (resim 5) başparmak ve işaret parmağınızla bastırıp kaldırınız.
Temizleme fırçasıyla kalan kılları temizleyiniz.
Yıkanabilir
Maksimum hijyen için cihazın başlıkları suda yıkanabilir. Ölçü tarağını cihazın gövdesinden hafifçe ayırınız, tıraş başlığının ızgarasını çıkarınız ve başlıkları akan suyun altında durulayınız. Ölçü tarağı ve ızgara ayrı ayrı da durulanabilir.
İthalatçı Firma: Ertek Elektrikli Ev Aletleri San ve Tic. A.Ş.
İstiklal Cad. Odakule İş Merkezi. Kat: 7/A 34430 Beyoğlu – İstanbul Tel: 0212 293 17 07
Kullanım Ömrü: 7 yıl
E890E IB.indd 2	18/03/14 09:03
